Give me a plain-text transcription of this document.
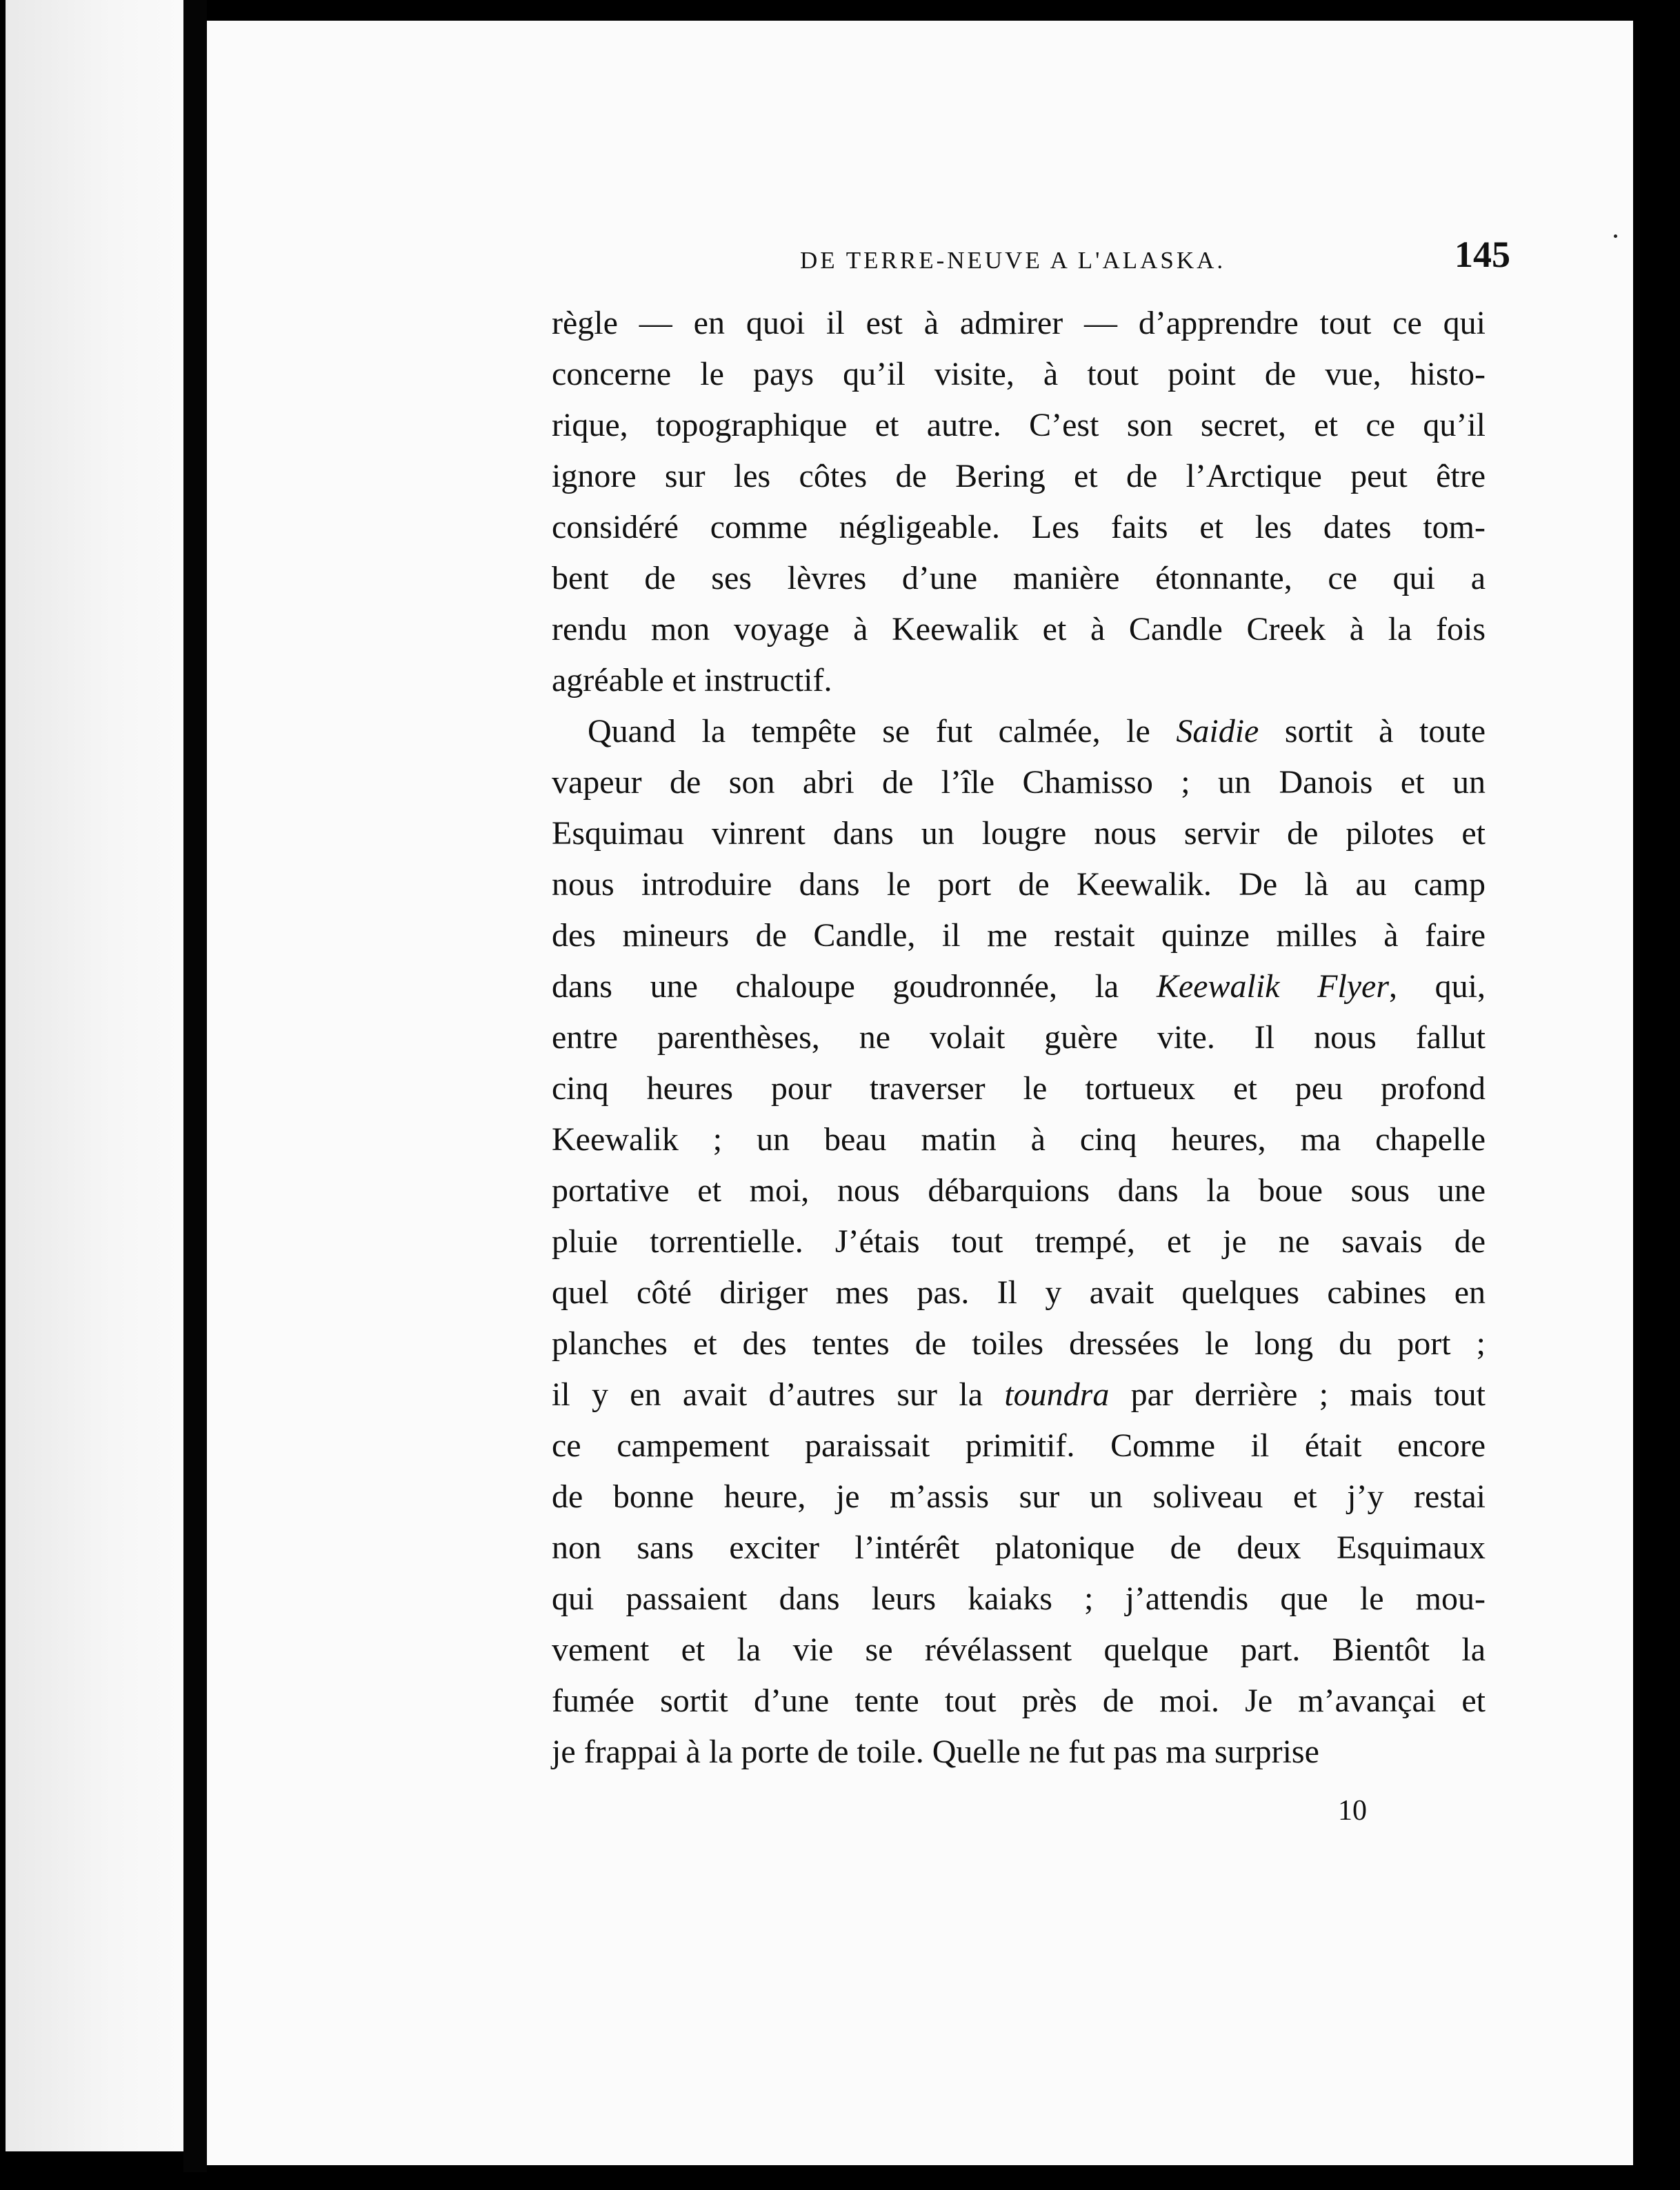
DE TERRE-NEUVE A L'ALASKA.	145
règle — en quoi il est à admirer — d’apprendre tout ce qui
concerne le pays qu’il visite, à tout point de vue, histo-
rique, topographique et autre. C’est son secret, et ce qu’il
ignore sur les côtes de Bering et de l’Arctique peut être
considéré comme négligeable. Les faits et les dates tom-
bent de ses lèvres d’une manière étonnante, ce qui a
rendu mon voyage à Keewalik et à Candle Creek à la fois
agréable et instructif.
Quand la tempête se fut calmée, le Saidie sortit à toute
vapeur de son abri de l’île Chamisso ; un Danois et un
Esquimau vinrent dans un lougre nous servir de pilotes et
nous introduire dans le port de Keewalik. De là au camp
des mineurs de Candle, il me restait quinze milles à faire
dans une chaloupe goudronnée, la Keewalik Flyer, qui,
entre parenthèses, ne volait guère vite. Il nous fallut
cinq heures pour traverser le tortueux et peu profond
Keewalik ; un beau matin à cinq heures, ma chapelle
portative et moi, nous débarquions dans la boue sous une
pluie torrentielle. J’étais tout trempé, et je ne savais de
quel côté diriger mes pas. Il y avait quelques cabines en
planches et des tentes de toiles dressées le long du port ;
il y en avait d’autres sur la toundra par derrière ; mais tout
ce campement paraissait primitif. Comme il était encore
de bonne heure, je m’assis sur un soliveau et j’y restai
non sans exciter l’intérêt platonique de deux Esquimaux
qui passaient dans leurs kaiaks ; j’attendis que le mou-
vement et la vie se révélassent quelque part. Bientôt la
fumée sortit d’une tente tout près de moi. Je m’avançai et
je frappai à la porte de toile. Quelle ne fut pas ma surprise
10
